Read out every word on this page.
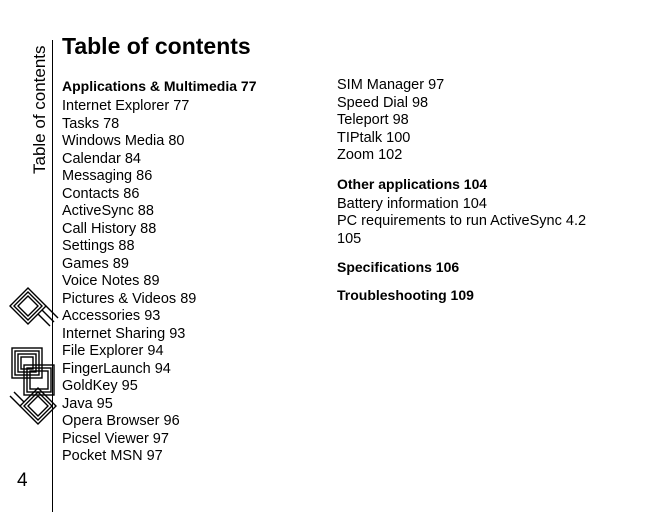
Table of contents
4
Table of contents
Applications & Multimedia 77
Internet Explorer 77
Tasks 78
Windows Media 80
Calendar 84
Messaging 86
Contacts 86
ActiveSync 88
Call History 88
Settings 88
Games 89
Voice Notes 89
Pictures & Videos 89
Accessories 93
Internet Sharing 93
File Explorer 94
FingerLaunch 94
GoldKey 95
Java 95
Opera Browser 96
Picsel Viewer 97
Pocket MSN 97
SIM Manager 97
Speed Dial 98
Teleport 98
TIPtalk 100
Zoom 102
Other applications 104
Battery information 104
PC requirements to run ActiveSync 4.2 105
Specifications 106
Troubleshooting 109
